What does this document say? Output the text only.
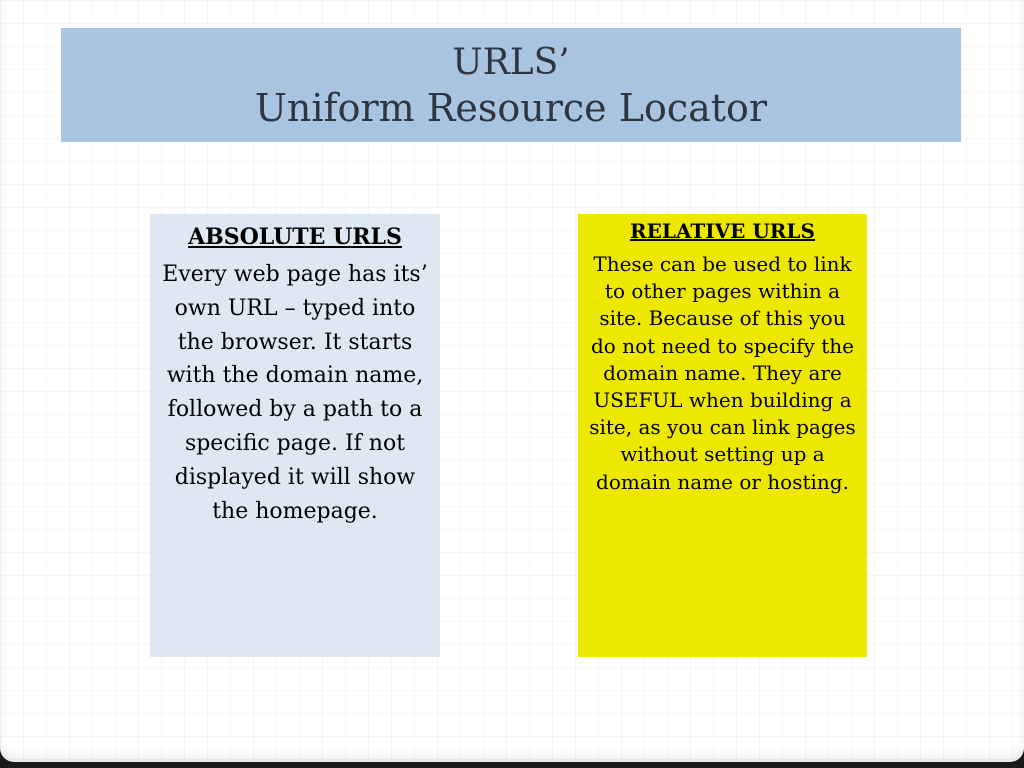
URLS’
Uniform Resource Locator
ABSOLUTE URLS
Every web page has its’ own URL – typed into the browser. It starts with the domain name, followed by a path to a specific page. If not displayed it will show the homepage.
RELATIVE URLS
These can be used to link to other pages within a site. Because of this you do not need to specify the domain name. They are USEFUL when building a site, as you can link pages without setting up a domain name or hosting.
